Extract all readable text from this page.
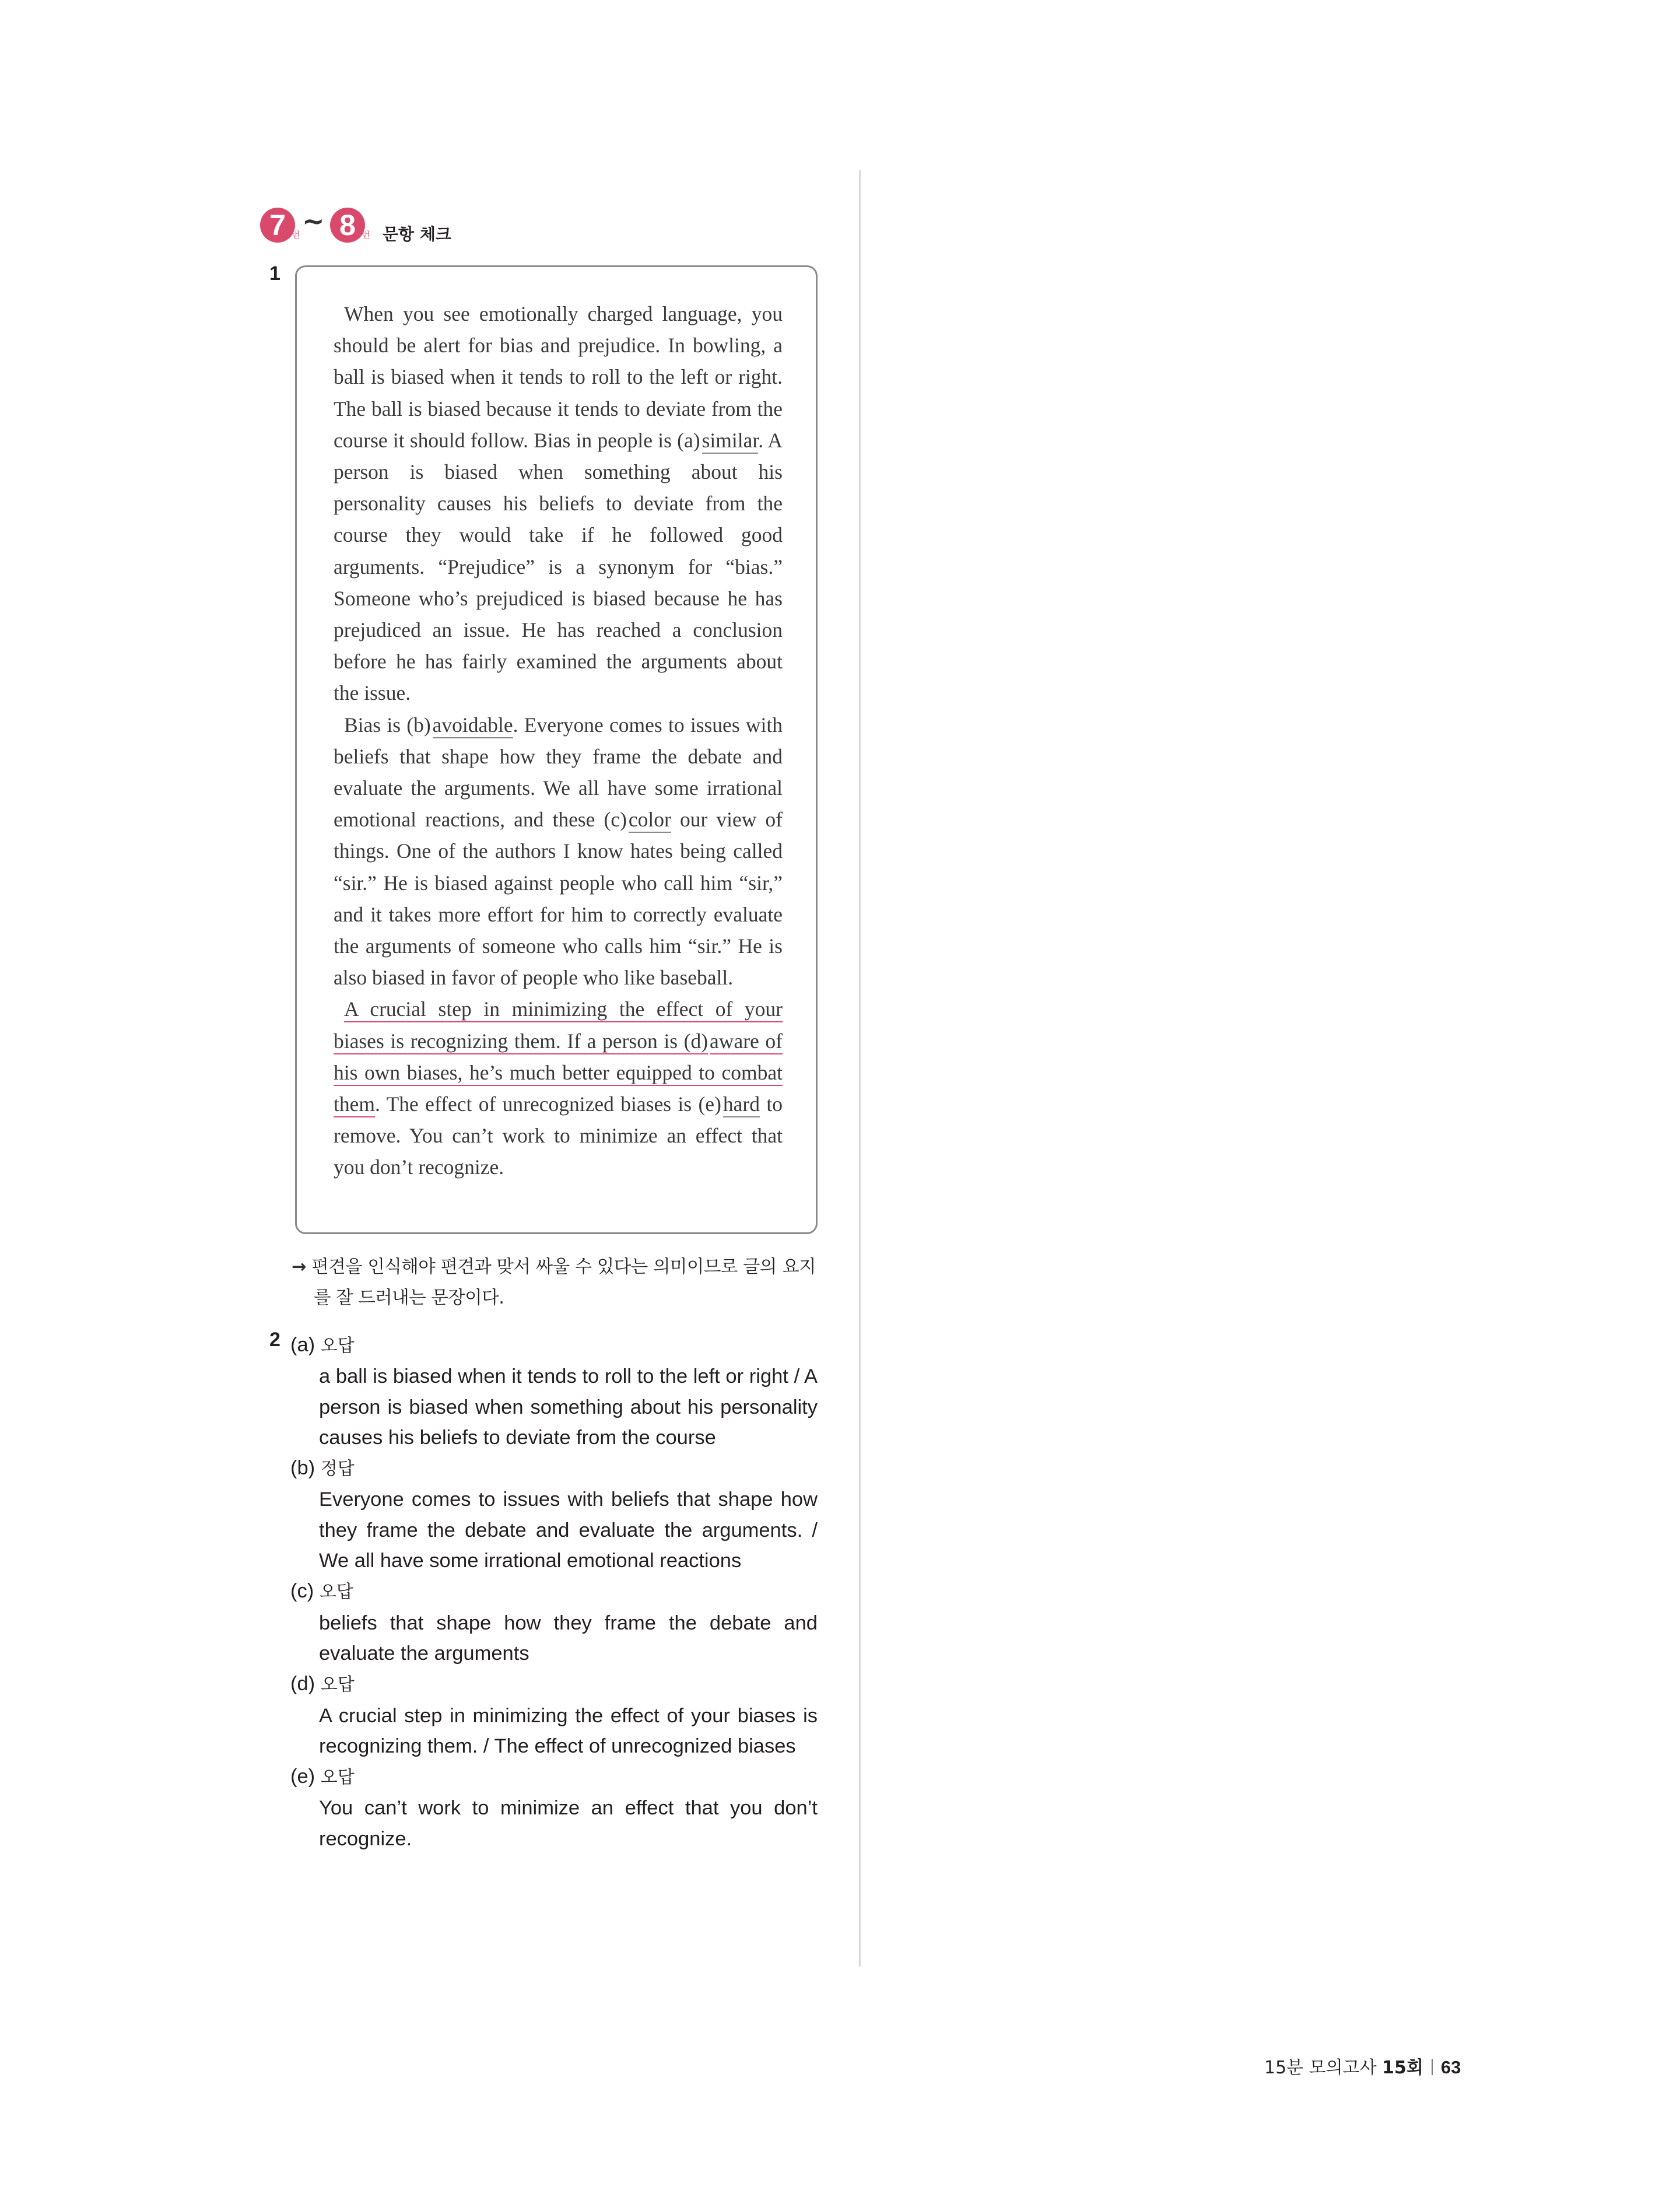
7 번 ~ 8 번 문항 체크
1

When you see emotionally charged language, you should be alert for bias and prejudice. In bowling, a ball is biased when it tends to roll to the left or right. The ball is biased because it tends to deviate from the course it should follow. Bias in people is (a)similar. A person is biased when something about his personality causes his beliefs to deviate from the course they would take if he followed good arguments. “Prejudice” is a synonym for “bias.” Someone who’s prejudiced is biased because he has prejudiced an issue. He has reached a conclusion before he has fairly examined the arguments about the issue.

Bias is (b)avoidable. Everyone comes to issues with beliefs that shape how they frame the debate and evaluate the arguments. We all have some irrational emotional reactions, and these (c)color our view of things. One of the authors I know hates being called “sir.” He is biased against people who call him “sir,” and it takes more effort for him to correctly evaluate the arguments of someone who calls him “sir.” He is also biased in favor of people who like baseball.

A crucial step in minimizing the effect of your biases is recognizing them. If a person is (d)aware of his own biases, he’s much better equipped to combat them. The effect of unrecognized biases is (e)hard to remove. You can’t work to minimize an effect that you don’t recognize.

→ 편견을 인식해야 편견과 맞서 싸울 수 있다는 의미이므로 글의 요지
를 잘 드러내는 문장이다.
2 (a) 오답
a ball is biased when it tends to roll to the left or right / A person is biased when something about his personality causes his beliefs to deviate from the course
(b) 정답
Everyone comes to issues with beliefs that shape how they frame the debate and evaluate the arguments. / We all have some irrational emotional reactions
(c) 오답
beliefs that shape how they frame the debate and evaluate the arguments
(d) 오답
A crucial step in minimizing the effect of your biases is recognizing them. / The effect of unrecognized biases
(e) 오답
You can’t work to minimize an effect that you don’t recognize.
15분 모의고사 15회 63
